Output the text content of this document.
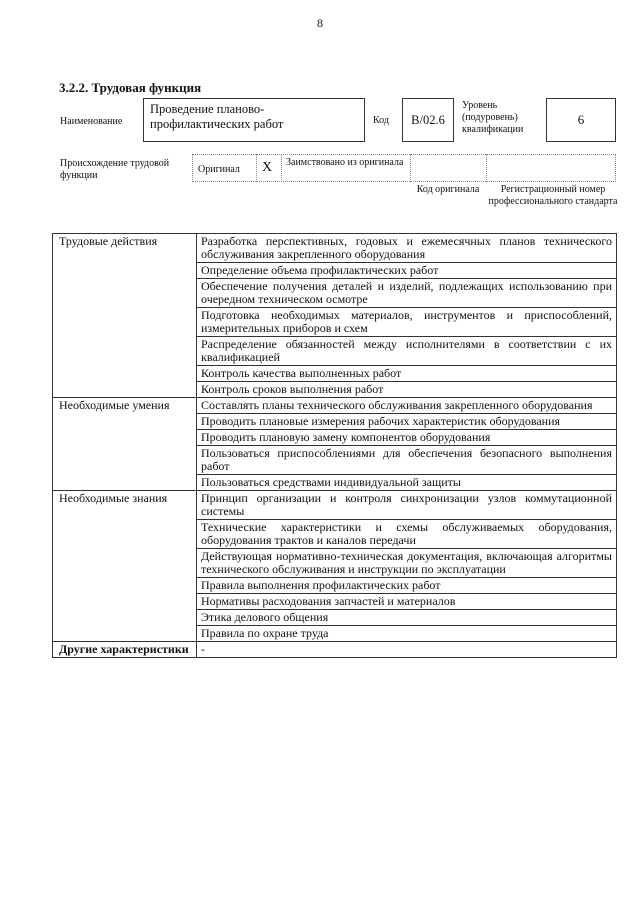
8
3.2.2. Трудовая функция
Наименование
Проведение планово-профилактических работ	Код	B/02.6
Уровень (подуровень) квалификации
6
Происхождение трудовой функции
Оригинал X Заимствовано из оригинала
Код оригинала	Регистрационный номер профессионального стандарта
Трудовые действия	Разработка перспективных, годовых и ежемесячных планов технического обслуживания закрепленного оборудования
	Определение объема профилактических работ
	Обеспечение получения деталей и изделий, подлежащих использованию при очередном техническом осмотре
	Подготовка необходимых материалов, инструментов и приспособлений, измерительных приборов и схем
	Распределение обязанностей между исполнителями в соответствии с их квалификацией
	Контроль качества выполненных работ
	Контроль сроков выполнения работ
Необходимые умения	Составлять планы технического обслуживания закрепленного оборудования
	Проводить плановые измерения рабочих характеристик оборудования
	Проводить плановую замену компонентов оборудования
	Пользоваться приспособлениями для обеспечения безопасного выполнения работ
	Пользоваться средствами индивидуальной защиты
Необходимые знания	Принцип организации и контроля синхронизации узлов коммутационной системы
	Технические характеристики и схемы обслуживаемых оборудования, оборудования трактов и каналов передачи
	Действующая нормативно-техническая документация, включающая алгоритмы технического обслуживания и инструкции по эксплуатации
	Правила выполнения профилактических работ
	Нормативы расходования запчастей и материалов
	Этика делового общения
	Правила по охране труда
Другие характеристики	-
